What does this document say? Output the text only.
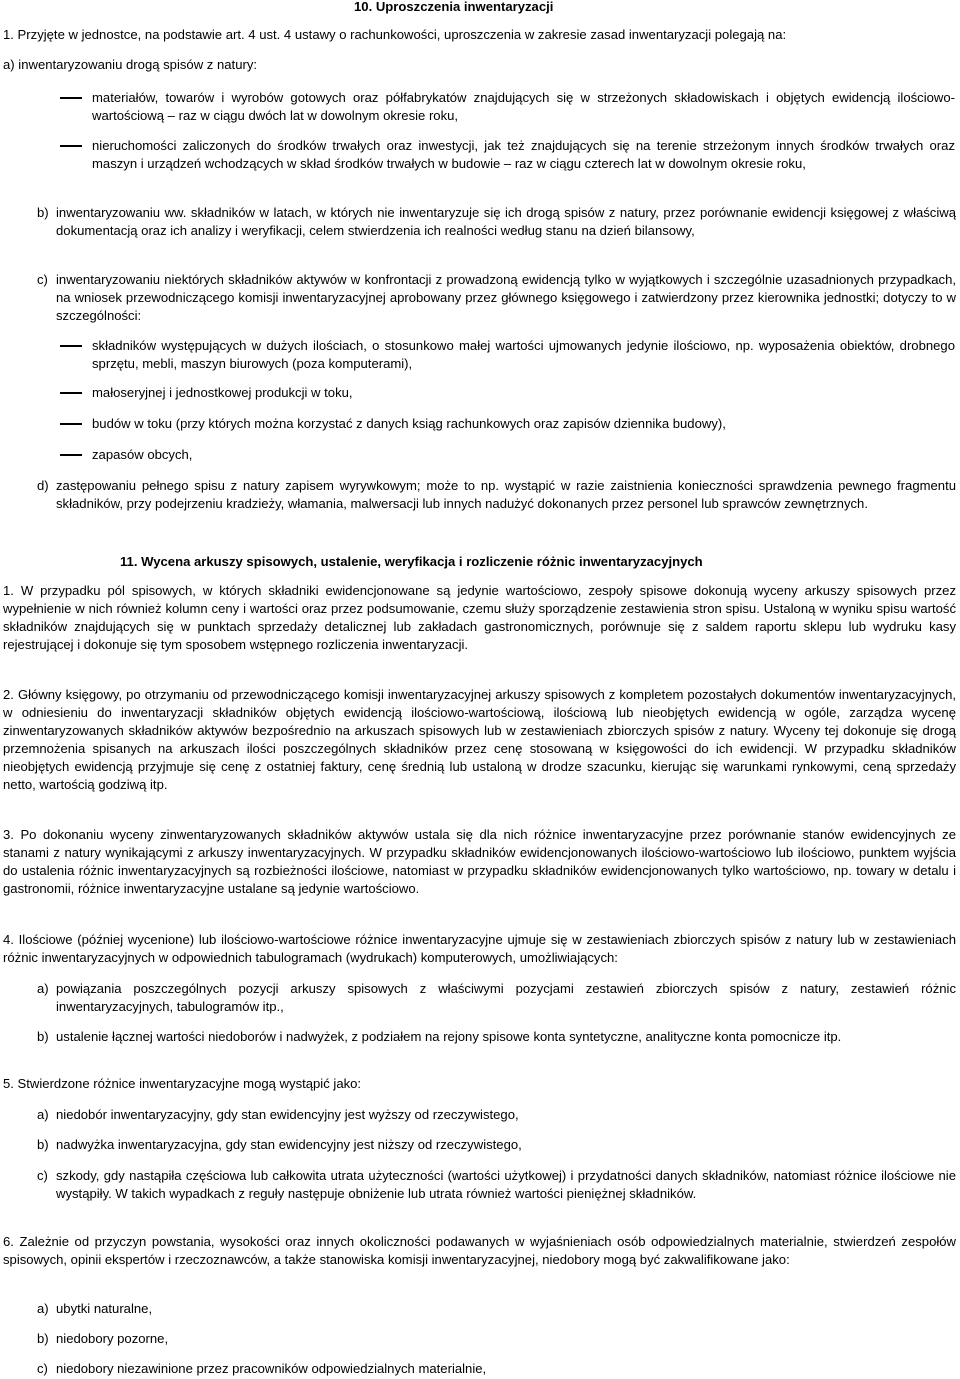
10. Uproszczenia inwentaryzacji

1. Przyjęte w jednostce, na podstawie art. 4 ust. 4 ustawy o rachunkowości, uproszczenia w zakresie zasad inwentaryzacji polegają na:

a) inwentaryzowaniu drogą spisów z natury:

materiałów, towarów i wyrobów gotowych oraz półfabrykatów znajdujących się w strzeżonych składowiskach i objętych ewidencją ilościowo-wartościową – raz w ciągu dwóch lat w dowolnym okresie roku,

nieruchomości zaliczonych do środków trwałych oraz inwestycji, jak też znajdujących się na terenie strzeżonym innych środków trwałych oraz maszyn i urządzeń wchodzących w skład środków trwałych w budowie – raz w ciągu czterech lat w dowolnym okresie roku,

b) inwentaryzowaniu ww. składników w latach, w których nie inwentaryzuje się ich drogą spisów z natury, przez porównanie ewidencji księgowej z właściwą dokumentacją oraz ich analizy i weryfikacji, celem stwierdzenia ich realności według stanu na dzień bilansowy,

c) inwentaryzowaniu niektórych składników aktywów w konfrontacji z prowadzoną ewidencją tylko w wyjątkowych i szczególnie uzasadnionych przypadkach, na wniosek przewodniczącego komisji inwentaryzacyjnej aprobowany przez głównego księgowego i zatwierdzony przez kierownika jednostki; dotyczy to w szczególności:

składników występujących w dużych ilościach, o stosunkowo małej wartości ujmowanych jedynie ilościowo, np. wyposażenia obiektów, drobnego sprzętu, mebli, maszyn biurowych (poza komputerami),

małoseryjnej i jednostkowej produkcji w toku,

budów w toku (przy których można korzystać z danych ksiąg rachunkowych oraz zapisów dziennika budowy),

zapasów obcych,

d) zastępowaniu pełnego spisu z natury zapisem wyrywkowym; może to np. wystąpić w razie zaistnienia konieczności sprawdzenia pewnego fragmentu składników, przy podejrzeniu kradzieży, włamania, malwersacji lub innych nadużyć dokonanych przez personel lub sprawców zewnętrznych.

11. Wycena arkuszy spisowych, ustalenie, weryfikacja i rozliczenie różnic inwentaryzacyjnych

1. W przypadku pól spisowych, w których składniki ewidencjonowane są jedynie wartościowo, zespoły spisowe dokonują wyceny arkuszy spisowych przez wypełnienie w nich również kolumn ceny i wartości oraz przez podsumowanie, czemu służy sporządzenie zestawienia stron spisu. Ustaloną w wyniku spisu wartość składników znajdujących się w punktach sprzedaży detalicznej lub zakładach gastronomicznych, porównuje się z saldem raportu sklepu lub wydruku kasy rejestrującej i dokonuje się tym sposobem wstępnego rozliczenia inwentaryzacji.

2. Główny księgowy, po otrzymaniu od przewodniczącego komisji inwentaryzacyjnej arkuszy spisowych z kompletem pozostałych dokumentów inwentaryzacyjnych, w odniesieniu do inwentaryzacji składników objętych ewidencją ilościowo-wartościową, ilościową lub nieobjętych ewidencją w ogóle, zarządza wycenę zinwentaryzowanych składników aktywów bezpośrednio na arkuszach spisowych lub w zestawieniach zbiorczych spisów z natury. Wyceny tej dokonuje się drogą przemnożenia spisanych na arkuszach ilości poszczególnych składników przez cenę stosowaną w księgowości do ich ewidencji. W przypadku składników nieobjętych ewidencją przyjmuje się cenę z ostatniej faktury, cenę średnią lub ustaloną w drodze szacunku, kierując się warunkami rynkowymi, ceną sprzedaży netto, wartością godziwą itp.

3. Po dokonaniu wyceny zinwentaryzowanych składników aktywów ustala się dla nich różnice inwentaryzacyjne przez porównanie stanów ewidencyjnych ze stanami z natury wynikającymi z arkuszy inwentaryzacyjnych. W przypadku składników ewidencjonowanych ilościowo-wartościowo lub ilościowo, punktem wyjścia do ustalenia różnic inwentaryzacyjnych są rozbieżności ilościowe, natomiast w przypadku składników ewidencjonowanych tylko wartościowo, np. towary w detalu i gastronomii, różnice inwentaryzacyjne ustalane są jedynie wartościowo.

4. Ilościowe (później wycenione) lub ilościowo-wartościowe różnice inwentaryzacyjne ujmuje się w zestawieniach zbiorczych spisów z natury lub w zestawieniach różnic inwentaryzacyjnych w odpowiednich tabulogramach (wydrukach) komputerowych, umożliwiających:

a) powiązania poszczególnych pozycji arkuszy spisowych z właściwymi pozycjami zestawień zbiorczych spisów z natury, zestawień różnic inwentaryzacyjnych, tabulogramów itp.,

b) ustalenie łącznej wartości niedoborów i nadwyżek, z podziałem na rejony spisowe konta syntetyczne, analityczne konta pomocnicze itp.

5. Stwierdzone różnice inwentaryzacyjne mogą wystąpić jako:

a) niedobór inwentaryzacyjny, gdy stan ewidencyjny jest wyższy od rzeczywistego,

b) nadwyżka inwentaryzacyjna, gdy stan ewidencyjny jest niższy od rzeczywistego,

c) szkody, gdy nastąpiła częściowa lub całkowita utrata użyteczności (wartości użytkowej) i przydatności danych składników, natomiast różnice ilościowe nie wystąpiły. W takich wypadkach z reguły następuje obniżenie lub utrata również wartości pieniężnej składników.

6. Zależnie od przyczyn powstania, wysokości oraz innych okoliczności podawanych w wyjaśnieniach osób odpowiedzialnych materialnie, stwierdzeń zespołów spisowych, opinii ekspertów i rzeczoznawców, a także stanowiska komisji inwentaryzacyjnej, niedobory mogą być zakwalifikowane jako:

a) ubytki naturalne,

b) niedobory pozorne,

c) niedobory niezawinione przez pracowników odpowiedzialnych materialnie,
